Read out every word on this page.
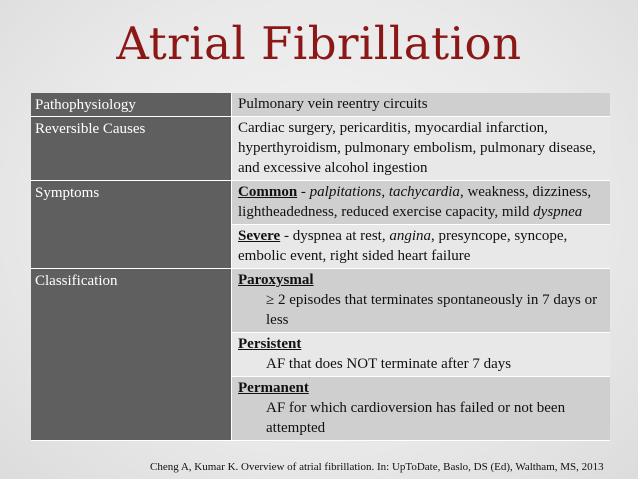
Atrial Fibrillation
Pathophysiology	Pulmonary vein reentry circuits
Reversible Causes	Cardiac surgery, pericarditis, myocardial infarction, hyperthyroidism, pulmonary embolism, pulmonary disease, and excessive alcohol ingestion
Symptoms	Common - palpitations, tachycardia, weakness, dizziness, lightheadedness, reduced exercise capacity, mild dyspnea
Severe - dyspnea at rest, angina, presyncope, syncope, embolic event, right sided heart failure
Classification	Paroxysmal
≥ 2 episodes that terminates spontaneously in 7 days or less
Persistent
AF that does NOT terminate after 7 days
Permanent
AF for which cardioversion has failed or not been attempted
Cheng A, Kumar K. Overview of atrial fibrillation. In: UpToDate, Baslo, DS (Ed), Waltham, MS, 2013
